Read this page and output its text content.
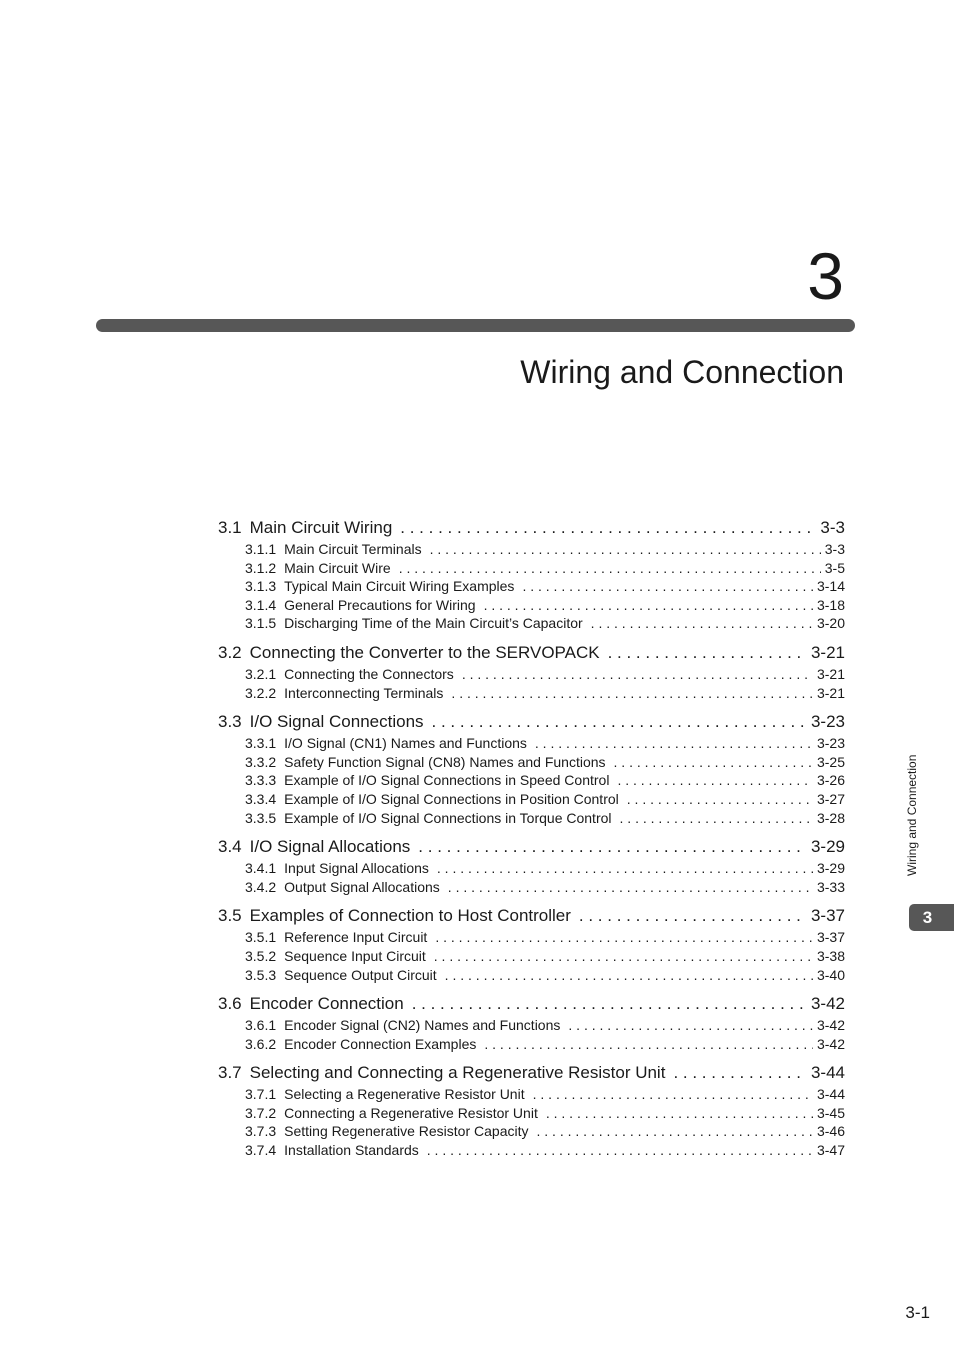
3
Wiring and Connection
3.1 Main Circuit Wiring . . .	3-3
3.1.1 Main Circuit Terminals . . .	3-3
3.1.2 Main Circuit Wire . . .	3-5
3.1.3 Typical Main Circuit Wiring Examples . . .	3-14
3.1.4 General Precautions for Wiring . . .	3-18
3.1.5 Discharging Time of the Main Circuit’s Capacitor . . .	3-20
3.2 Connecting the Converter to the SERVOPACK . . .	3-21
3.2.1 Connecting the Connectors . . .	3-21
3.2.2 Interconnecting Terminals . . .	3-21
3.3 I/O Signal Connections . . .	3-23
3.3.1 I/O Signal (CN1) Names and Functions . . .	3-23
3.3.2 Safety Function Signal (CN8) Names and Functions . . .	3-25
3.3.3 Example of I/O Signal Connections in Speed Control . . .	3-26
3.3.4 Example of I/O Signal Connections in Position Control . . .	3-27
3.3.5 Example of I/O Signal Connections in Torque Control . . .	3-28
3.4 I/O Signal Allocations . . .	3-29
3.4.1 Input Signal Allocations . . .	3-29
3.4.2 Output Signal Allocations . . .	3-33
3.5 Examples of Connection to Host Controller . . .	3-37
3.5.1 Reference Input Circuit . . .	3-37
3.5.2 Sequence Input Circuit . . .	3-38
3.5.3 Sequence Output Circuit . . .	3-40
3.6 Encoder Connection . . .	3-42
3.6.1 Encoder Signal (CN2) Names and Functions . . .	3-42
3.6.2 Encoder Connection Examples . . .	3-42
3.7 Selecting and Connecting a Regenerative Resistor Unit . . .	3-44
3.7.1 Selecting a Regenerative Resistor Unit . . .	3-44
3.7.2 Connecting a Regenerative Resistor Unit . . .	3-45
3.7.3 Setting Regenerative Resistor Capacity . . .	3-46
3.7.4 Installation Standards . . .	3-47
Wiring and Connection
3
3-1
